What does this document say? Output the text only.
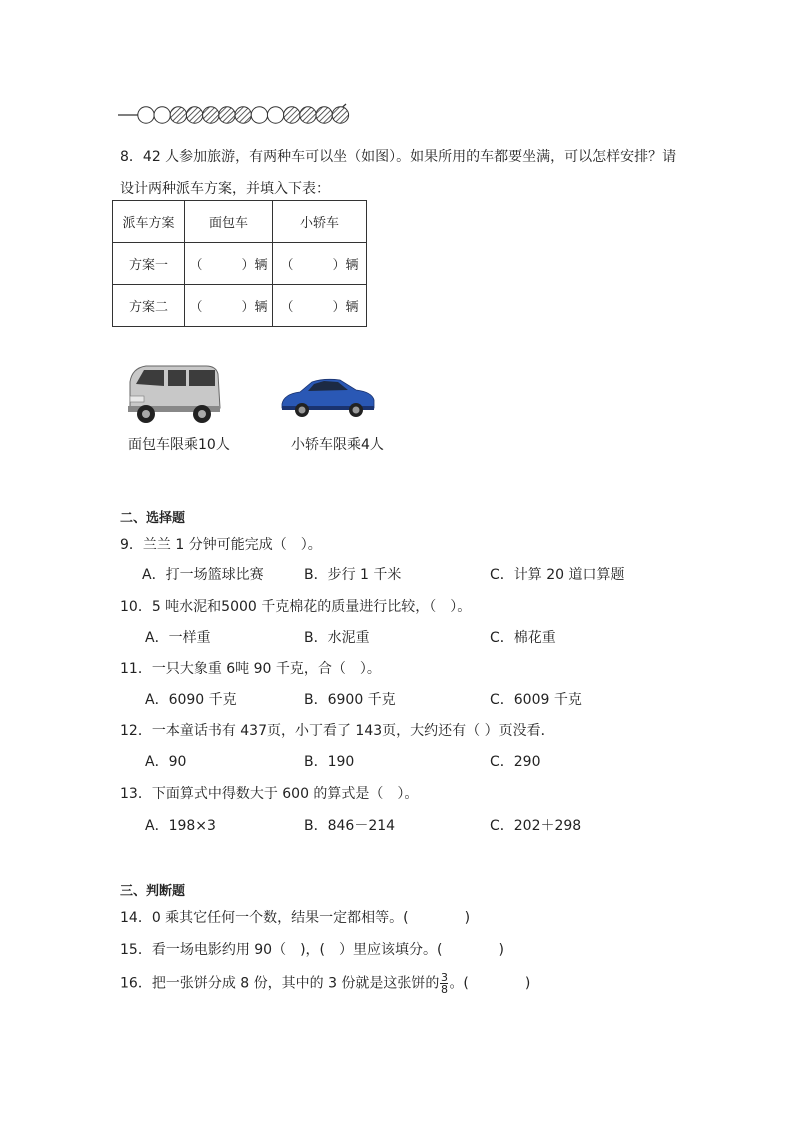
8．42 人参加旅游，有两种车可以坐（如图）。如果所用的车都要坐满，可以怎样安排？请
设计两种派车方案，并填入下表：
派车方案	面包车	小轿车
方案一	（　　　）辆	（　　　）辆
方案二	（　　　）辆	（　　　）辆
面包车限乘10人	小轿车限乘4人
二、选择题
9．兰兰 1 分钟可能完成（　）。
A．打一场篮球比赛	B．步行 1 千米	C．计算 20 道口算题
10．5 吨水泥和5000 千克棉花的质量进行比较，（　）。
A．一样重	B．水泥重	C．棉花重
11．一只大象重 6吨 90 千克，合（　）。
A．6090 千克	B．6900 千克	C．6009 千克
12．一本童话书有 437页，小丁看了 143页，大约还有（ ）页没看．
A．90	B．190	C．290
13．下面算式中得数大于 600 的算式是（　）。
A．198×3	B．846－214	C．202＋298
三、判断题
14．0 乘其它任何一个数，结果一定都相等。(　　　　)
15．看一场电影约用 90（　)，(　）里应该填分。(　　　　)
16．把一张饼分成 8 份，其中的 3 份就是这张饼的 $\frac{3}{8}$ 。(　　　　)
